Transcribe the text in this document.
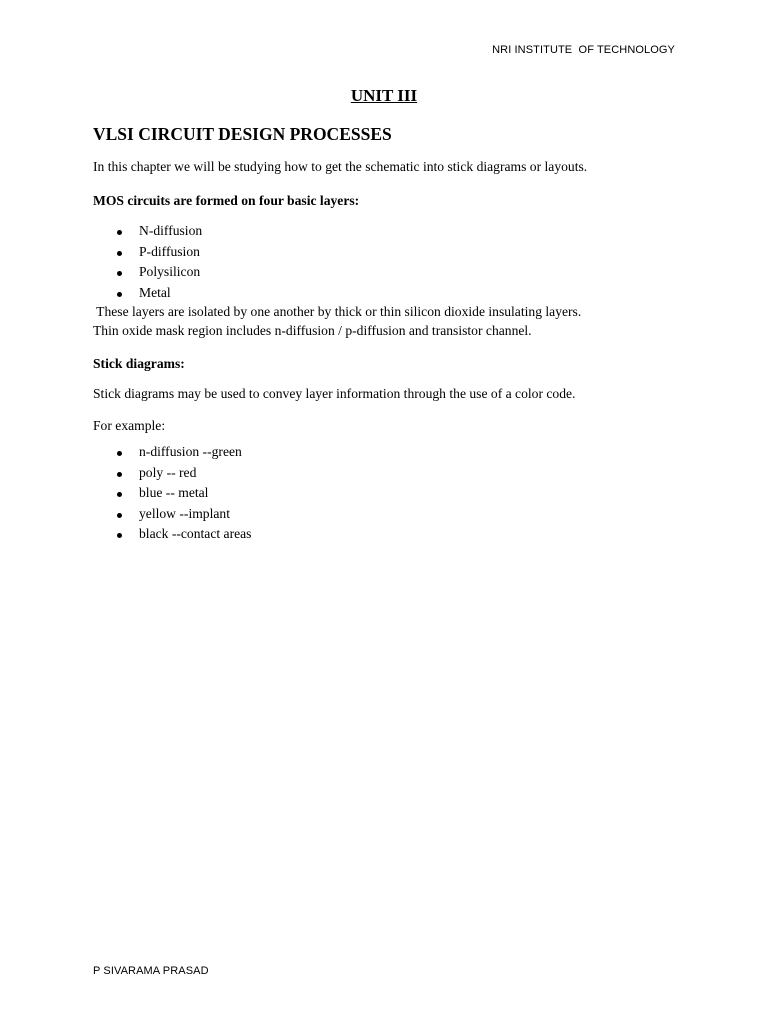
NRI INSTITUTE  OF TECHNOLOGY
UNIT III
VLSI CIRCUIT DESIGN PROCESSES
In this chapter we will be studying how to get the schematic into stick diagrams or layouts.
MOS circuits are formed on four basic layers:
N-diffusion
P-diffusion
Polysilicon
Metal
These layers are isolated by one another by thick or thin silicon dioxide insulating layers.
Thin oxide mask region includes n-diffusion / p-diffusion and transistor channel.
Stick diagrams:
Stick diagrams may be used to convey layer information through the use of a color code.
For example:
n-diffusion --green
poly -- red
blue -- metal
yellow --implant
black --contact areas
P SIVARAMA PRASAD
